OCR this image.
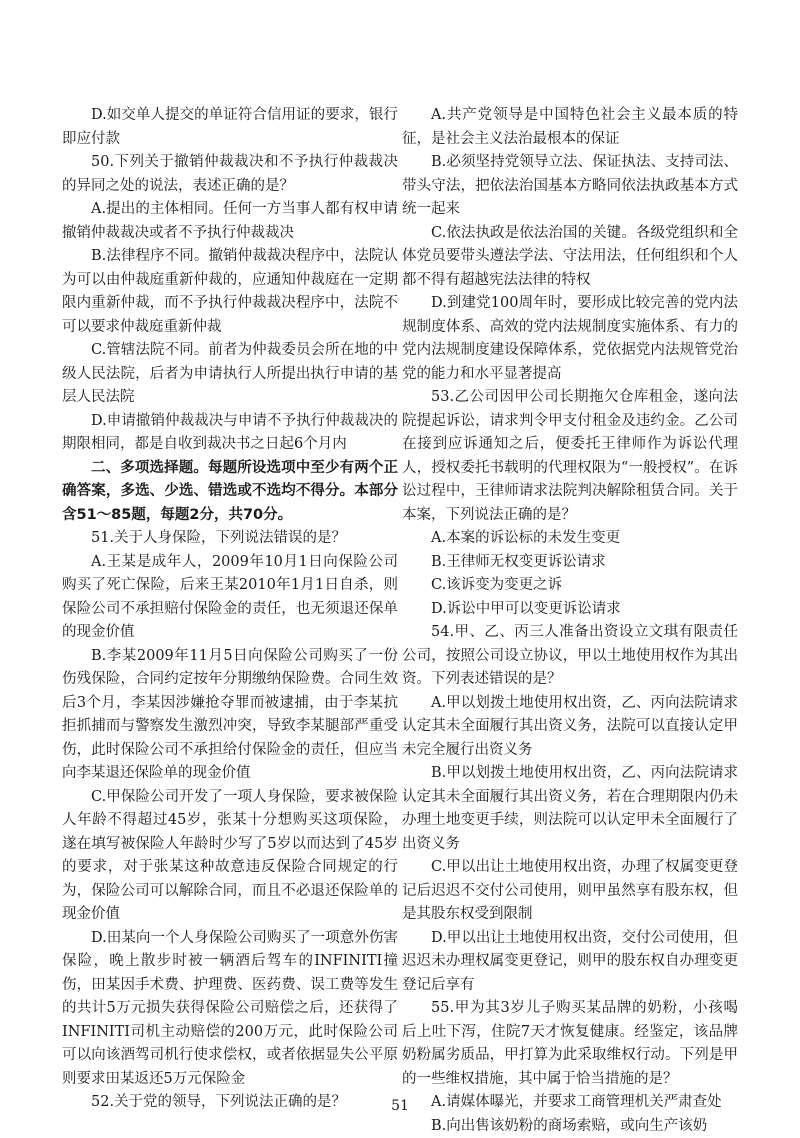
D.如交单人提交的单证符合信用证的要求，银行即应付款

50.下列关于撤销仲裁裁决和不予执行仲裁裁决的异同之处的说法，表述正确的是？

A.提出的主体相同。任何一方当事人都有权申请撤销仲裁裁决或者不予执行仲裁裁决

B.法律程序不同。撤销仲裁裁决程序中，法院认为可以由仲裁庭重新仲裁的，应通知仲裁庭在一定期限内重新仲裁，而不予执行仲裁裁决程序中，法院不可以要求仲裁庭重新仲裁

C.管辖法院不同。前者为仲裁委员会所在地的中级人民法院，后者为申请执行人所提出执行申请的基层人民法院

D.申请撤销仲裁裁决与申请不予执行仲裁裁决的期限相同，都是自收到裁决书之日起6个月内

二、多项选择题。每题所设选项中至少有两个正确答案，多选、少选、错选或不选均不得分。本部分含51～85题，每题2分，共70分。

51.关于人身保险，下列说法错误的是？

A.王某是成年人，2009年10月1日向保险公司购买了死亡保险，后来王某2010年1月1日自杀，则保险公司不承担赔付保险金的责任，也无须退还保单的现金价值

B.李某2009年11月5日向保险公司购买了一份伤残保险，合同约定按年分期缴纳保险费。合同生效后3个月，李某因涉嫌抢夺罪而被逮捕，由于李某抗拒抓捕而与警察发生激烈冲突，导致李某腿部严重受伤，此时保险公司不承担给付保险金的责任，但应当向李某退还保险单的现金价值

C.甲保险公司开发了一项人身保险，要求被保险人年龄不得超过45岁，张某十分想购买这项保险，遂在填写被保险人年龄时少写了5岁以而达到了45岁的要求，对于张某这种故意违反保险合同规定的行为，保险公司可以解除合同，而且不必退还保险单的现金价值

D.田某向一个人身保险公司购买了一项意外伤害保险，晚上散步时被一辆酒后驾车的INFINITI撞伤，田某因手术费、护理费、医药费、误工费等发生的共计5万元损失获得保险公司赔偿之后，还获得了INFINITI司机主动赔偿的200万元，此时保险公司可以向该酒驾司机行使求偿权，或者依据显失公平原则要求田某返还5万元保险金

52.关于党的领导，下列说法正确的是？

A.共产党领导是中国特色社会主义最本质的特征，是社会主义法治最根本的保证

B.必须坚持党领导立法、保证执法、支持司法、带头守法，把依法治国基本方略同依法执政基本方式统一起来

C.依法执政是依法治国的关键。各级党组织和全体党员要带头遵法学法、守法用法，任何组织和个人都不得有超越宪法法律的特权

D.到建党100周年时，要形成比较完善的党内法规制度体系、高效的党内法规制度实施体系、有力的党内法规制度建设保障体系，党依据党内法规管党治党的能力和水平显著提高

53.乙公司因甲公司长期拖欠仓库租金，遂向法院提起诉讼，请求判令甲支付租金及违约金。乙公司在接到应诉通知之后，便委托王律师作为诉讼代理人，授权委托书载明的代理权限为“一般授权”。在诉讼过程中，王律师请求法院判决解除租赁合同。关于本案，下列说法正确的是？

A.本案的诉讼标的未发生变更

B.王律师无权变更诉讼请求

C.该诉变为变更之诉

D.诉讼中甲可以变更诉讼请求

54.甲、乙、丙三人准备出资设立文琪有限责任公司，按照公司设立协议，甲以土地使用权作为其出资。下列表述错误的是？

A.甲以划拨土地使用权出资，乙、丙向法院请求认定其未全面履行其出资义务，法院可以直接认定甲未完全履行出资义务

B.甲以划拨土地使用权出资，乙、丙向法院请求认定其未全面履行其出资义务，若在合理期限内仍未办理土地变更手续，则法院可以认定甲未全面履行了出资义务

C.甲以出让土地使用权出资，办理了权属变更登记后迟迟不交付公司使用，则甲虽然享有股东权，但是其股东权受到限制

D.甲以出让土地使用权出资，交付公司使用，但迟迟未办理权属变更登记，则甲的股东权自办理变更登记后享有

55.甲为其3岁儿子购买某品牌的奶粉，小孩喝后上吐下泻，住院7天才恢复健康。经鉴定，该品牌奶粉属劣质品，甲打算为此采取维权行动。下列是甲的一些维权措施，其中属于恰当措施的是？

A.请媒体曝光，并要求工商管理机关严肃查处

B.向出售该奶粉的商场索赔，或向生产该奶

51
